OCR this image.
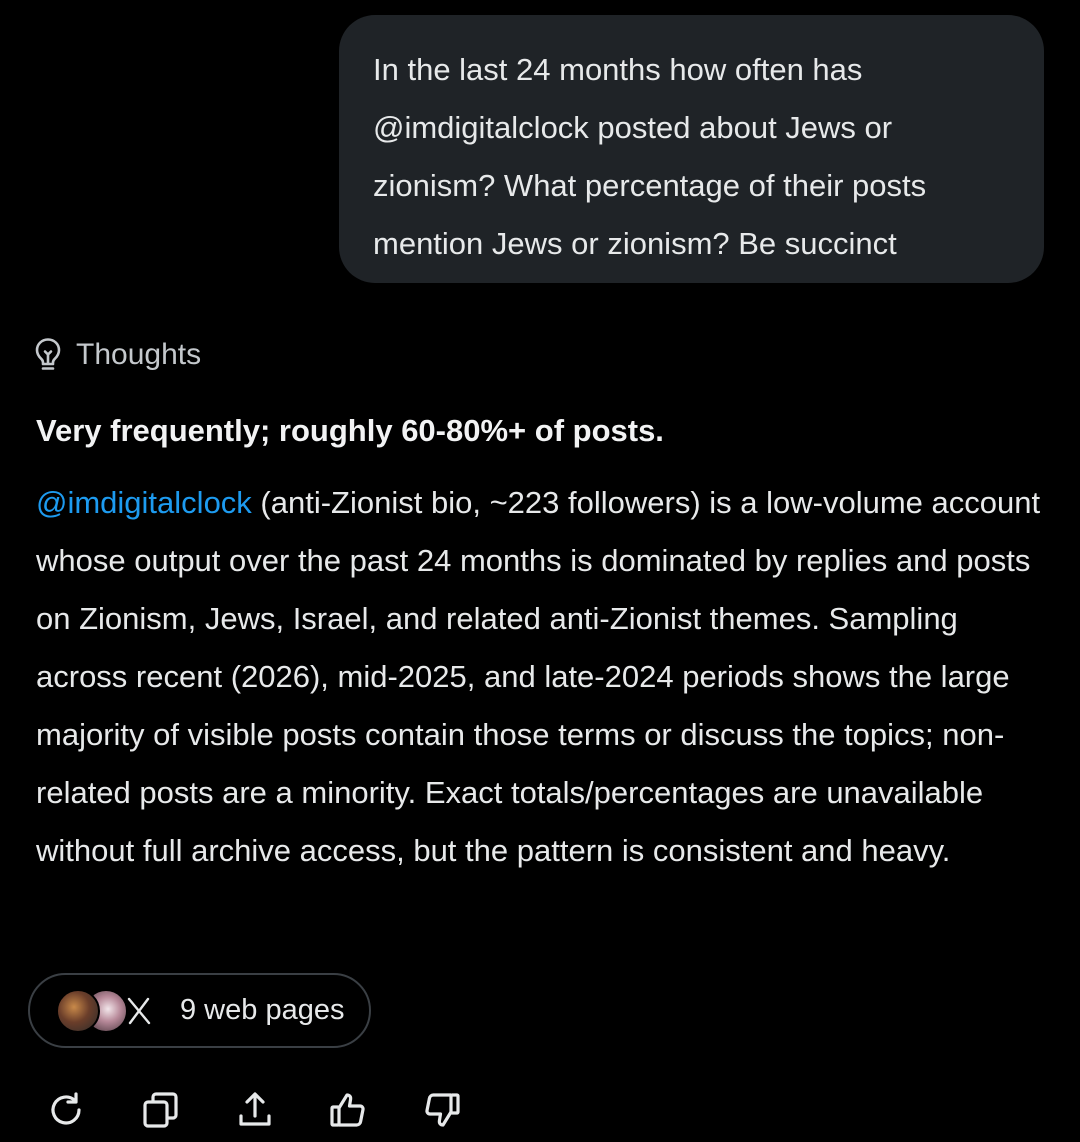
In the last 24 months how often has @imdigitalclock posted about Jews or zionism? What percentage of their posts mention Jews or zionism? Be succinct

Thoughts

Very frequently; roughly 60-80%+ of posts.

@imdigitalclock (anti-Zionist bio, ~223 followers) is a low-volume account whose output over the past 24 months is dominated by replies and posts on Zionism, Jews, Israel, and related anti-Zionist themes. Sampling across recent (2026), mid-2025, and late-2024 periods shows the large majority of visible posts contain those terms or discuss the topics; non-related posts are a minority. Exact totals/percentages are unavailable without full archive access, but the pattern is consistent and heavy.

9 web pages
